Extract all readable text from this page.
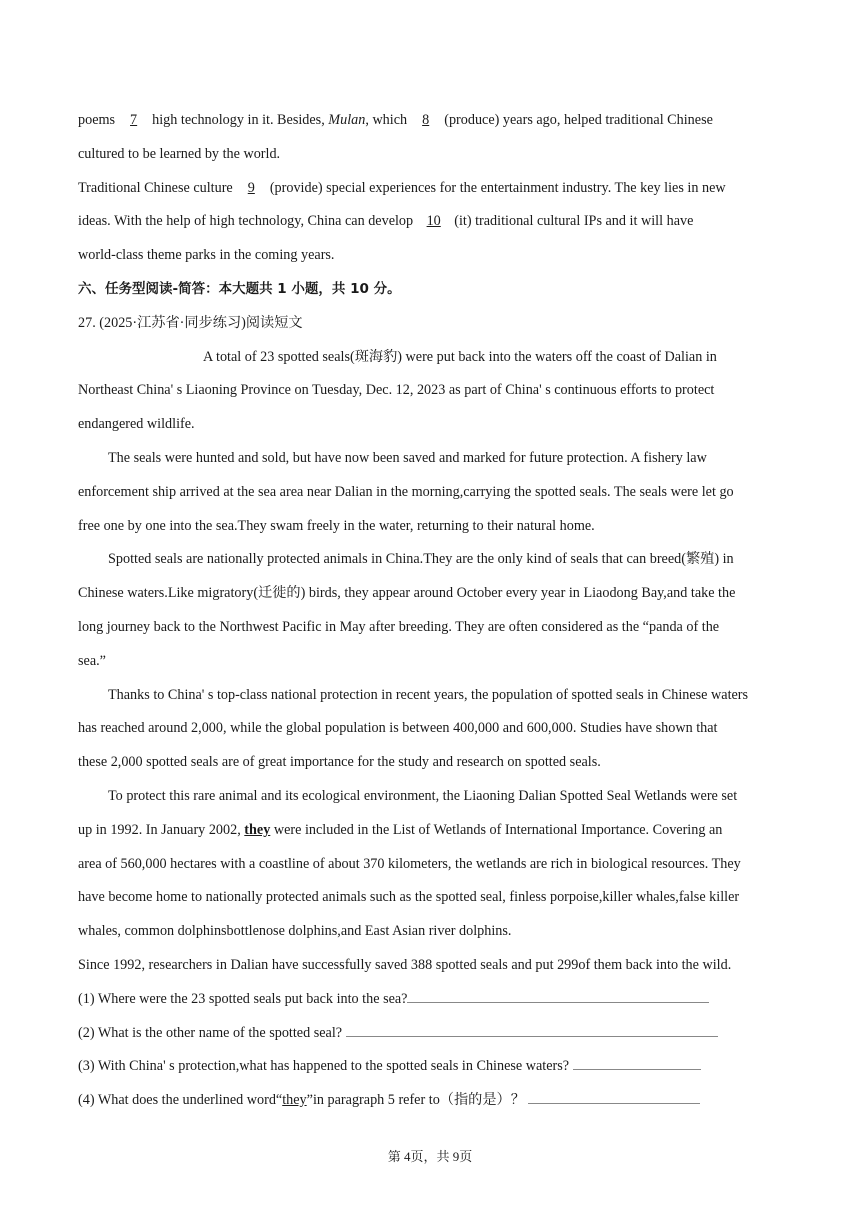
poems 7 high technology in it. Besides, Mulan, which 8 (produce) years ago, helped traditional Chinese
cultured to be learned by the world.
Traditional Chinese culture 9 (provide) special experiences for the entertainment industry. The key lies in new
ideas. With the help of high technology, China can develop 10 (it) traditional cultural IPs and it will have
world-class theme parks in the coming years.
六、任务型阅读-简答：本大题共 1 小题，共 10 分。
27. (2025·江苏省·同步练习)阅读短文
A total of 23 spotted seals(斑海豹) were put back into the waters off the coast of Dalian in
Northeast China' s Liaoning Province on Tuesday, Dec. 12, 2023 as part of China' s continuous efforts to protect
endangered wildlife.
The seals were hunted and sold, but have now been saved and marked for future protection. A fishery law
enforcement ship arrived at the sea area near Dalian in the morning,carrying the spotted seals. The seals were let go
free one by one into the sea.They swam freely in the water, returning to their natural home.
Spotted seals are nationally protected animals in China.They are the only kind of seals that can breed(繁殖) in
Chinese waters.Like migratory(迁徙的) birds, they appear around October every year in Liaodong Bay,and take the
long journey back to the Northwest Pacific in May after breeding. They are often considered as the “panda of the
sea.”
Thanks to China' s top-class national protection in recent years, the population of spotted seals in Chinese waters
has reached around 2,000, while the global population is between 400,000 and 600,000. Studies have shown that
these 2,000 spotted seals are of great importance for the study and research on spotted seals.
To protect this rare animal and its ecological environment, the Liaoning Dalian Spotted Seal Wetlands were set
up in 1992. In January 2002, they were included in the List of Wetlands of International Importance. Covering an
area of 560,000 hectares with a coastline of about 370 kilometers, the wetlands are rich in biological resources. They
have become home to nationally protected animals such as the spotted seal, finless porpoise,killer whales,false killer
whales, common dolphinsbottlenose dolphins,and East Asian river dolphins.
Since 1992, researchers in Dalian have successfully saved 388 spotted seals and put 299of them back into the wild.
(1) Where were the 23 spotted seals put back into the sea?
(2) What is the other name of the spotted seal?
(3) With China' s protection,what has happened to the spotted seals in Chinese waters?
(4) What does the underlined word“they”in paragraph 5 refer to（指的是）？
第 4页，共 9页
